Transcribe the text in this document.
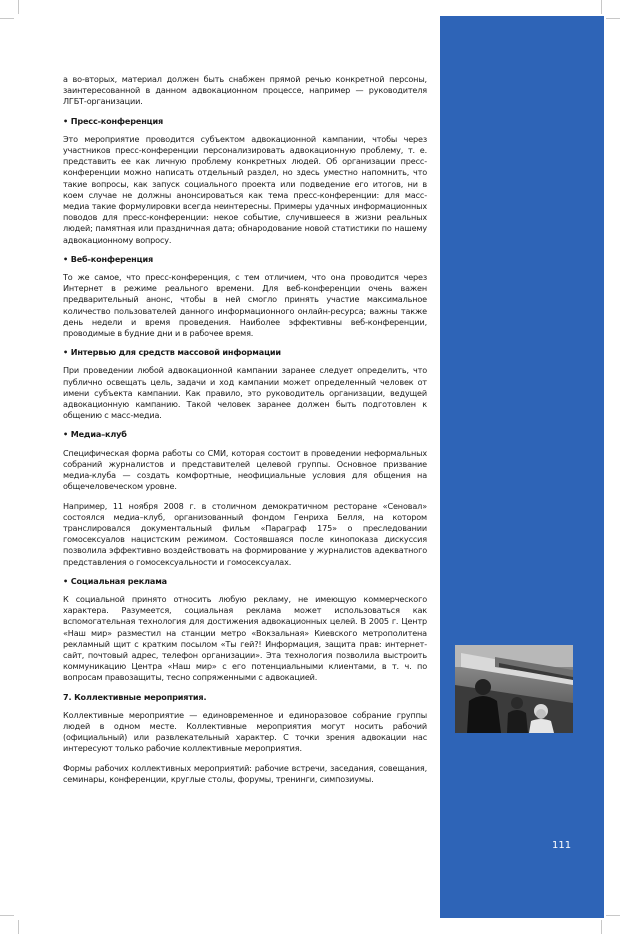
111

а во-вторых, материал должен быть снабжен прямой речью конкретной персоны, заинтересованной в данном адвокационном процессе, например — руководителя ЛГБТ-организации.

• Пресс-конференция

Это мероприятие проводится субъектом адвокационной кампании, чтобы через участников пресс-конференции персонализировать адвокационную проблему, т. е. представить ее как личную проблему конкретных людей. Об организации пресс-конференции можно написать отдельный раздел, но здесь уместно напомнить, что такие вопросы, как запуск социального проекта или подведение его итогов, ни в коем случае не должны анонсироваться как тема пресс-конференции: для масс-медиа такие формулировки всегда неинтересны. Примеры удачных информационных поводов для пресс-конференции: некое событие, случившееся в жизни реальных людей; памятная или праздничная дата; обнародование новой статистики по нашему адвокационному вопросу.

• Веб-конференция

То же самое, что пресс-конференция, с тем отличием, что она проводится через Интернет в режиме реального времени. Для веб-конференции очень важен предварительный анонс, чтобы в ней смогло принять участие максимальное количество пользователей данного информационного онлайн-ресурса; важны также день недели и время проведения. Наиболее эффективны веб-конференции, проводимые в будние дни и в рабочее время.

• Интервью для средств массовой информации

При проведении любой адвокационной кампании заранее следует определить, что публично освещать цель, задачи и ход кампании может определенный человек от имени субъекта кампании. Как правило, это руководитель организации, ведущей адвокационную кампанию. Такой человек заранее должен быть подготовлен к общению с масс-медиа.

• Медиа–клуб

Специфическая форма работы со СМИ, которая состоит в проведении неформальных собраний журналистов и представителей целевой группы. Основное призвание медиа-клуба — создать комфортные, неофициальные условия для общения на общечеловеческом уровне.

Например, 11 ноября 2008 г. в столичном демократичном ресторане «Сеновал» состоялся медиа–клуб, организованный фондом Генриха Белля, на котором транслировался документальный фильм «Параграф 175» о преследовании гомосексуалов нацистским режимом. Состоявшаяся после кинопоказа дискуссия позволила эффективно воздействовать на формирование у журналистов адекватного представления о гомосексуальности и гомосексуалах.

• Социальная реклама

К социальной принято относить любую рекламу, не имеющую коммерческого характера. Разумеется, социальная реклама может использоваться как вспомогательная технология для достижения адвокационных целей. В 2005 г. Центр «Наш мир» разместил на станции метро «Вокзальная» Киевского метрополитена рекламный щит с кратким посылом «Ты гей?! Информация, защита прав: интернет-сайт, почтовый адрес, телефон организации». Эта технология позволила выстроить коммуникацию Центра «Наш мир» с его потенциальными клиентами, в т. ч. по вопросам правозащиты, тесно сопряженными с адвокацией.

7. Коллективные мероприятия.

Коллективные мероприятие — единовременное и единоразовое собрание группы людей в одном месте. Коллективные мероприятия могут носить рабочий (официальный) или развлекательный характер. С точки зрения адвокации нас интересуют только рабочие коллективные мероприятия.

Формы рабочих коллективных мероприятий: рабочие встречи, заседания, совещания, семинары, конференции, круглые столы, форумы, тренинги, симпозиумы.
